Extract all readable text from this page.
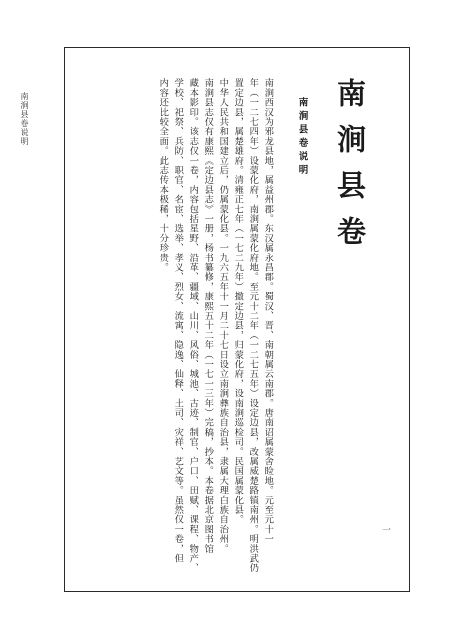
南涧县卷说明	南涧县卷
南涧县卷说明
南涧西汉为邪龙县地，属益州郡。东汉属永昌郡。蜀汉、晋、南朝属云南郡。唐南诏属蒙舍睑地。元至元十一
年（一二七四年）设蒙化府，南涧属蒙化府地。至元十二年（一二七五年）设定边县，改属威楚路镇南州。明洪武仍
置定边县，属楚雄府。清雍正七年（一七二九年）撤定边县，归蒙化府，设南涧巡检司。民国属蒙化县。
中华人民共和国建立后，仍属蒙化县。一九六五年十一月二十七日设立南涧彝族自治县，隶属大理白族自治州。
南涧县志仅有康熙《定边县志》一册，杨书纂修，康熙五十二年（一七一三年）完稿，抄本。本卷据北京图书馆
藏本影印。该志仅一卷，内容包括星野、沿革、疆域、山川、风俗、城池、古迹、制官、户口、田赋、课程、物产、
学校、祀祭、兵防、职官、名宦、选举、孝义、烈女、流寓、隐逸、仙释、土司、灾祥、艺文等。虽然仅一卷，但
内容还比较全面。此志传本极稀，十分珍贵。
一
